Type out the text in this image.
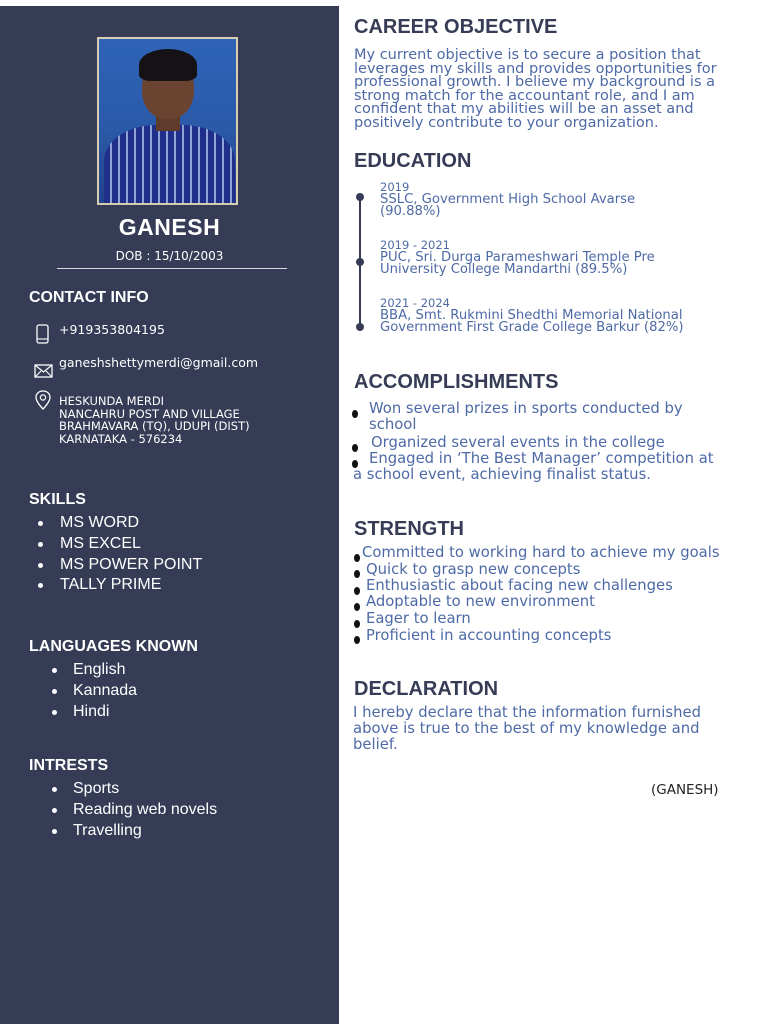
GANESH
DOB : 15/10/2003
CONTACT INFO
+919353804195
ganeshshettymerdi@gmail.com
HESKUNDA MERDI
NANCAHRU POST AND VILLAGE
BRAHMAVARA (TQ), UDUPI (DIST)
KARNATAKA - 576234
SKILLS
MS WORD
MS EXCEL
MS POWER POINT
TALLY PRIME
LANGUAGES KNOWN
English
Kannada
Hindi
INTRESTS
Sports
Reading web novels
Travelling
CAREER OBJECTIVE
My current objective is to secure a position that
leverages my skills and provides opportunities for
professional growth. I believe my background is a
strong match for the accountant role, and I am
confident that my abilities will be an asset and
positively contribute to your organization.
EDUCATION
2019
SSLC, Government High School Avarse
(90.88%)
2019 - 2021
PUC, Sri. Durga Parameshwari Temple Pre
University College Mandarthi (89.5%)
2021 - 2024
BBA, Smt. Rukmini Shedthi Memorial National
Government First Grade College Barkur (82%)
ACCOMPLISHMENTS
Won several prizes in sports conducted by
school
Organized several events in the college
Engaged in ‘The Best Manager’ competition at
a school event, achieving finalist status.
STRENGTH
Committed to working hard to achieve my goals
Quick to grasp new concepts
Enthusiastic about facing new challenges
Adoptable to new environment
Eager to learn
Proficient in accounting concepts
DECLARATION
I hereby declare that the information furnished
above is true to the best of my knowledge and
belief.
(GANESH)
